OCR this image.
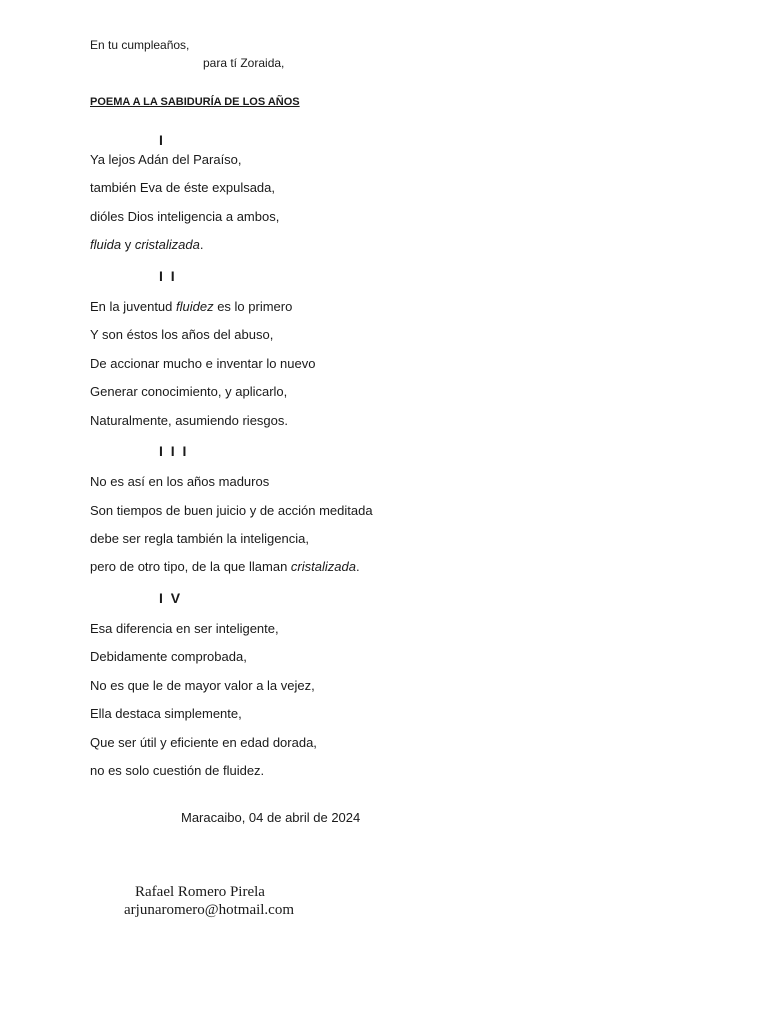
En tu cumpleaños,

para tí Zoraida,

POEMA A LA SABIDURÍA DE LOS AÑOS

I

Ya lejos Adán del Paraíso,

también Eva de éste expulsada,

dióles Dios inteligencia a ambos,

fluida y cristalizada.

I I

En la juventud fluidez es lo primero

Y son éstos los años del abuso,

De accionar mucho e inventar lo nuevo

Generar conocimiento, y aplicarlo,

Naturalmente, asumiendo riesgos.

I I I

No es así en los años maduros

Son tiempos de buen juicio y de acción meditada

debe ser regla también la inteligencia,

pero de otro tipo, de la que llaman cristalizada.

I V

Esa diferencia en ser inteligente,

Debidamente comprobada,

No es que le de mayor valor a la vejez,

Ella destaca simplemente,

Que ser útil y eficiente en edad dorada,

no es solo cuestión de fluidez.

Maracaibo, 04 de abril de 2024

Rafael Romero Pirela

arjunaromero@hotmail.com
